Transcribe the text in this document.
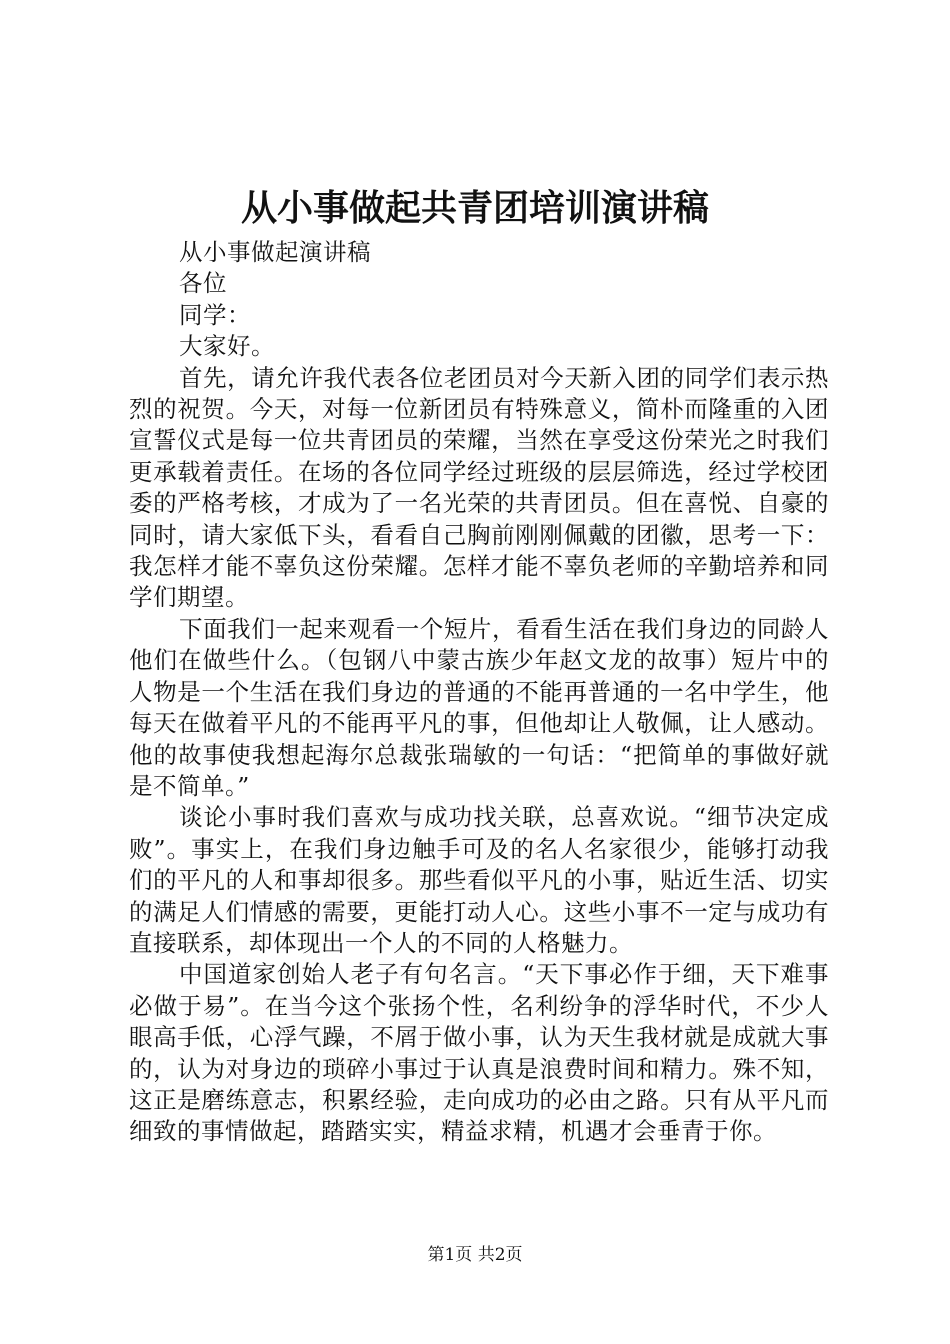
从小事做起共青团培训演讲稿

从小事做起演讲稿

各位

同学：

大家好。

首先，请允许我代表各位老团员对今天新入团的同学们表示热烈的祝贺。今天，对每一位新团员有特殊意义，简朴而隆重的入团宣誓仪式是每一位共青团员的荣耀，当然在享受这份荣光之时我们更承载着责任。在场的各位同学经过班级的层层筛选，经过学校团委的严格考核，才成为了一名光荣的共青团员。但在喜悦、自豪的同时，请大家低下头，看看自己胸前刚刚佩戴的团徽，思考一下：我怎样才能不辜负这份荣耀。怎样才能不辜负老师的辛勤培养和同学们期望。

下面我们一起来观看一个短片，看看生活在我们身边的同龄人他们在做些什么。（包钢八中蒙古族少年赵文龙的故事）短片中的人物是一个生活在我们身边的普通的不能再普通的一名中学生，他每天在做着平凡的不能再平凡的事，但他却让人敬佩，让人感动。他的故事使我想起海尔总裁张瑞敏的一句话：“把简单的事做好就是不简单。”

谈论小事时我们喜欢与成功找关联，总喜欢说。“细节决定成败”。事实上，在我们身边触手可及的名人名家很少，能够打动我们的平凡的人和事却很多。那些看似平凡的小事，贴近生活、切实的满足人们情感的需要，更能打动人心。这些小事不一定与成功有直接联系，却体现出一个人的不同的人格魅力。

中国道家创始人老子有句名言。“天下事必作于细，天下难事必做于易”。在当今这个张扬个性，名利纷争的浮华时代，不少人眼高手低，心浮气躁，不屑于做小事，认为天生我材就是成就大事的，认为对身边的琐碎小事过于认真是浪费时间和精力。殊不知，这正是磨练意志，积累经验，走向成功的必由之路。只有从平凡而细致的事情做起，踏踏实实，精益求精，机遇才会垂青于你。

第1页 共2页
